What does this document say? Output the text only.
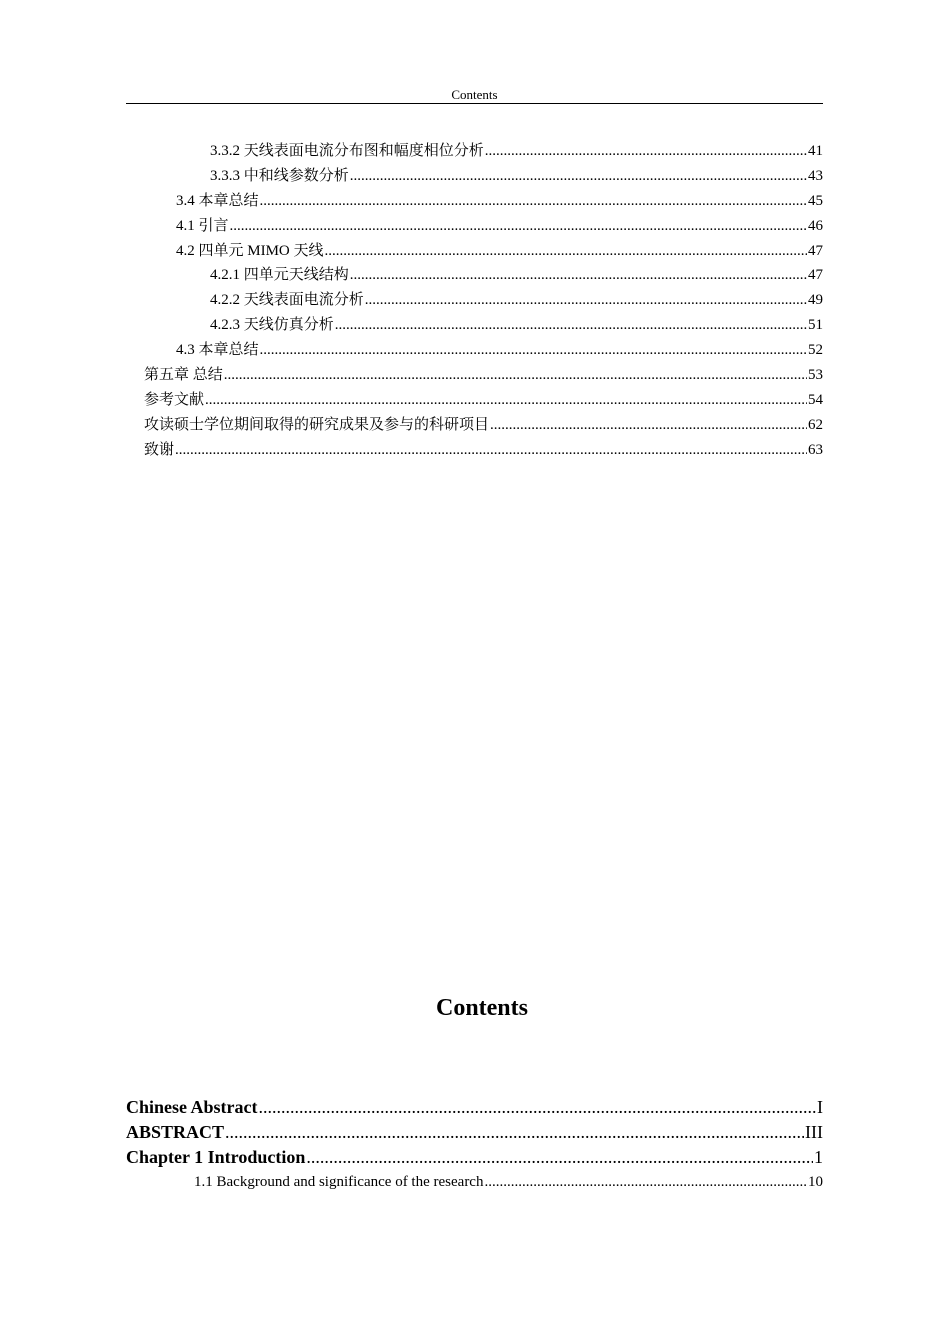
Contents
3.3.2 天线表面电流分布图和幅度相位分析 .....	41
3.3.3 中和线参数分析 .....	43
3.4 本章总结 .....	45
4.1 引言 .....	46
4.2 四单元 MIMO 天线 .....	47
4.2.1 四单元天线结构 .....	47
4.2.2 天线表面电流分析 .....	49
4.2.3 天线仿真分析 .....	51
4.3 本章总结 .....	52
第五章 总结 .....	53
参考文献 .....	54
攻读硕士学位期间取得的研究成果及参与的科研项目 .....	62
致谢 .....	63
Contents
Chinese Abstract .....	I
ABSTRACT .....	III
Chapter 1 Introduction .....	1
1.1 Background and significance of the research .....	10
